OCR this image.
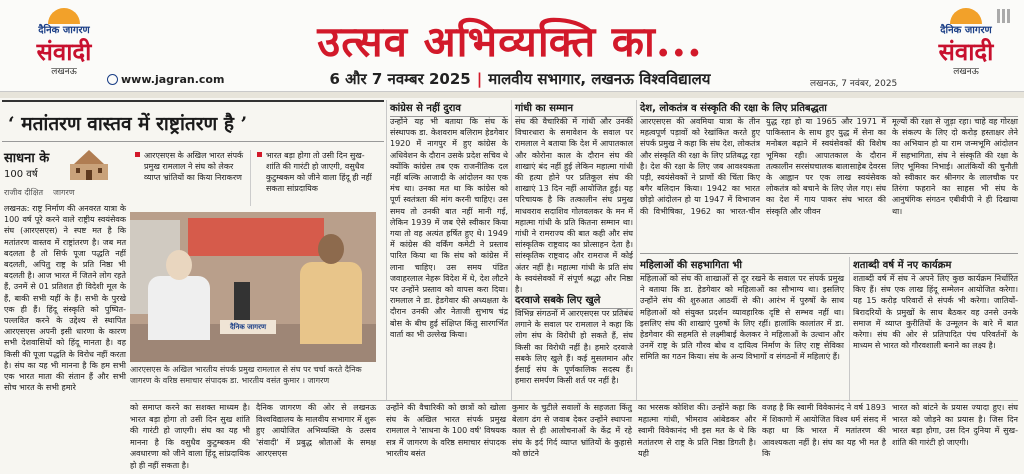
दैनिक जागरण
संवादी
लखनऊ
www.jagran.com
उत्सव अभिव्यक्ति का...
6 और 7 नवम्बर 2025 | मालवीय सभागार, लखनऊ विश्वविद्यालय	लखनऊ, 7 नवंबर, 2025
दैनिक जागरण
संवादी
लखनऊ
‘ मतांतरण वास्तव में राष्ट्रांतरण है ’
साधना के
100 वर्ष
राजीव दीक्षित जागरण
लखनऊ: राष्ट्र निर्माण की अनवरत यात्रा के 100 वर्ष पूरे करने वाले राष्ट्रीय स्वयंसेवक संघ (आरएसएस) ने स्पष्ट मत है कि मतांतरण वास्तव में राष्ट्रांतरण है। जब मत बदलता है तो सिर्फ पूजा पद्धति नहीं बदलती, अपितु राष्ट्र के प्रति निष्ठा भी बदलती है। आज भारत में जितने लोग रहते हैं, उनमें से 01 प्रतिशत ही विदेशी मूल के हैं, बाकी सभी यहीं के हैं। सभी के पुरखे एक ही हैं। हिंदू संस्कृति को पुष्पित-पल्लवित करने के उद्देश्य से स्थापित आरएसएस अपनी इसी धारणा के कारण सभी देशवासियों को हिंदू मानता है। वह किसी की पूजा पद्धति के विरोध नहीं करता है। संघ का यह भी मानना है कि हम सभी एक भारत माता की संतान हैं और सभी सोच भारत के सभी हमारे
आरएसएस के अखिल भारत संपर्क प्रमुख रामलाल ने संघ को लेकर व्याप्त भ्रांतियों का किया निराकरण
भारत बड़ा होगा तो उसी दिन सुख-शांति की गारंटी हो जाएगी, वसुधैव कुटुम्बकम को जीने वाला हिंदू ही नहीं सकता सांप्रदायिक
दैनिक जागरण
आरएसएस के अखिल भारतीय संपर्क प्रमुख रामलाल से संघ पर चर्चा करते दैनिक जागरण के वरिष्ठ समाचार संपादक डा. भारतीय वसंत कुमार । जागरण
कांग्रेस से नहीं दुराव
उन्होंने यह भी बताया कि संघ के संस्थापक डा. केशवराम बलिराम हेडगेवार 1920 में नागपुर में हुए कांग्रेस के अधिवेशन के दौरान उसके प्रदेश सचिव थे क्योंकि कांग्रेस तब एक राजनीतिक दल नहीं बल्कि आजादी के आंदोलन का एक मंच था। उनका मत था कि कांग्रेस को पूर्ण स्वतंत्रता की मांग करनी चाहिए। उस समय तो उनकी बात नहीं मानी गई, लेकिन 1939 में जब ऐसे स्वीकार किया गया तो वह अत्यंत हर्षित हुए थे। 1949 में कांग्रेस की वर्किंग कमेटी ने प्रस्ताव पारित किया था कि संघ को कांग्रेस में लाना चाहिए। उस समय पंडित जवाहरलाल नेहरू विदेश में थे, देश लौटने पर उन्होंने प्रस्ताव को वापस करा दिया। रामलाल ने डा. हेडगेवार की अध्यक्षता के दौरान उनकी और नेताजी सुभाष चंद्र बोस के बीच हुई संक्षिप्त किंतु सारगर्भित वार्ता का भी उल्लेख किया।
गांधी का सम्मान
संघ की वैचारिकी में गांधी और उनकी विचारधारा के समावेशन के सवाल पर रामलाल ने बताया कि देश में आपातकाल और कोरोना काल के दौरान संघ की शाखाएं बंद नहीं हुई लेकिन महात्मा गांधी की हत्या होने पर प्रतिकूल संघ की शाखाएं 13 दिन नहीं आयोजित हुई। यह परिचायक है कि तत्कालीन संघ प्रमुख माधवराव सदाशिव गोलवलकर के मन में महात्मा गांधी के प्रति कितना सम्मान था। गांधी ने रामराज्य की बात कही और संघ सांस्कृतिक राष्ट्रवाद का प्रोत्साहन देता है। सांस्कृतिक राष्ट्रवाद और रामराज में कोई अंतर नहीं है। महात्मा गांधी के प्रति संघ के स्वयंसेवकों में संपूर्ण श्रद्धा और निष्ठा है।
दरवाजे सबके लिए खुले
विभिन्न संगठनों में आरएसएस पर प्रतिबंध लगाने के सवाल पर रामलाल ने कहा कि लोग संघ के विरोधी हो सकते हैं, संघ किसी का विरोधी नहीं है। हमारे दरवाजे सबके लिए खुले हैं। कई मुसलमान और ईसाई संघ के पूर्णकालिक सदस्य हैं। हमारा समर्पण किसी शर्त पर नहीं है।
देश, लोकतंत्र व संस्कृति की रक्षा के लिए प्रतिबद्धता
आरएसएस की अवमिया यात्रा के तीन महत्वपूर्ण पड़ावों को रेखांकित करते हुए संपर्क प्रमुख ने कहा कि संघ देश, लोकतंत्र और संस्कृति की रक्षा के लिए प्रतिबद्ध रहा है। देश की रक्षा के लिए जब आवश्यकता पड़ी, स्वयंसेवकों ने प्राणों की चिंता किए बगैर बलिदान किया। 1942 का भारत छोड़ो आंदोलन हो या 1947 में विभाजन की विभीषिका, 1962 का भारत-चीन युद्ध रहा हो या 1965 और 1971 में पाकिस्तान के साथ हुए युद्ध में सेना का मनोबल बढ़ाने में स्वयंसेवकों की विशेष भूमिका रही। आपातकाल के दौरान तत्कालीन सरसंघचालक बालासाहेब देवरस के आह्वान पर एक लाख स्वयंसेवक लोकतंत्र को बचाने के लिए जेल गए। संघ का देश में गाय पाकर संघ भारत की संस्कृति और जीवन
मूल्यों की रक्षा से जुड़ा रहा। चाहे वह गोरक्षा के संकल्प के लिए दो करोड़ हस्ताक्षर लेने का अभियान हो या राम जन्मभूमि आंदोलन में सहभागिता, संघ ने संस्कृति की रक्षा के लिए भूमिका निभाई। आतंकियों की चुनौती को स्वीकार कर श्रीनगर के लालचौक पर तिरंगा फहराने का साहस भी संघ के आनुषंगिक संगठन एबीवीपी ने ही दिखाया था।
महिलाओं की सहभागिता भी
महिलाओं को संघ की शाखाओं से दूर रखने के सवाल पर संपर्क प्रमुख ने बताया कि डा. हेडगेवार को महिलाओं का सौभाग्य था। इसलिए उन्होंने संघ की शुरुआत आठवीं से की। आरंभ में पुरुषों के साथ महिलाओं को संयुक्त प्रदर्शन व्यावहारिक दृष्टि से सम्भव नहीं था। इसलिए संघ की शाखाएं पुरुषों के लिए रहीं। हालांकि कालांतर में डा. हेडगेवार की सहमति से लक्ष्मीबाई केलकर ने महिलाओं के उत्थान और उनमें राष्ट्र के प्रति गौरव बोध व दायित्व निर्माण के लिए राष्ट्र सेविका समिति का गठन किया। संघ के अन्य विभागों व संगठनों में महिलाएं हैं।
शताब्दी वर्ष में नए कार्यक्रम
शताब्दी वर्ष में संघ ने अपने लिए कुछ कार्यक्रम निर्धारित किए हैं। संघ एक लाख हिंदू सम्मेलन आयोजित करेगा। यह 15 करोड़ परिवारों से संपर्क भी करेगा। जातियों-बिरादरियों के प्रमुखों के साथ बैठकर वह उनसे उनके समाज में व्याप्त कुरीतियों के उन्मूलन के बारे में बात करेगा। संघ की ओर से प्रतिपादित पंच परिवर्तनों के माध्यम से भारत को गौरवशाली बनाने का लक्ष्य है।
को समाप्त करने का सशक्त माध्यम है। भारत बड़ा होगा तो उसी दिन सुख शांति की गारंटी हो जाएगी। संघ का यह भी मानना है कि वसुधैव कुटुम्बकम की अवधारणा को जीने वाला हिंदू सांप्रदायिक हो ही नहीं सकता है।
दैनिक जागरण की ओर से लखनऊ विश्वविद्यालय के मालवीय सभागार में शुरू हुए आयोजित अभिव्यक्ति के उत्सव 'संवादी' में प्रबुद्ध श्रोताओं के समक्ष आरएसएस
उन्होंने की वैचारिकी को छात्रों को खोला संघ के अखिल भारत संपर्क प्रमुख रामलाल ने 'साधना के 100 वर्ष' विषयक सत्र में जागरण के वरिष्ठ समाचार संपादक भारतीय बसंत
कुमार के चुटीले सवालों के सहजता किंतु बेलाग ढंग से जवाब देकर उन्होंने स्थापना काल से ही आलोचनाओं के केंद्र में रहे संघ के इर्द गिर्द व्याप्त भ्रांतियों के कुहासे को छांटने
का भरसक कोशिश की। उन्होंने कहा कि महात्मा गांधी, भीमराव आंबेडकर और स्वामी विवेकानंद भी इस मत के थे कि मतांतरण से राष्ट्र के प्रति निष्ठा डिगती है। यही
वजह है कि स्वामी विवेकानंद ने वर्ष 1893 में शिकागो में आयोजित विश्व धर्म संसद में कहा था कि भारत में मतांतरण की आवश्यकता नहीं है। संघ का यह भी मत है कि
भारत को बांटने के प्रयास ज्यादा हुए। संघ भारत को जोड़ने का प्रयास है। जिस दिन भारत बड़ा होगा, उस दिन दुनिया में सुख-शांति की गारंटी हो जाएगी।
